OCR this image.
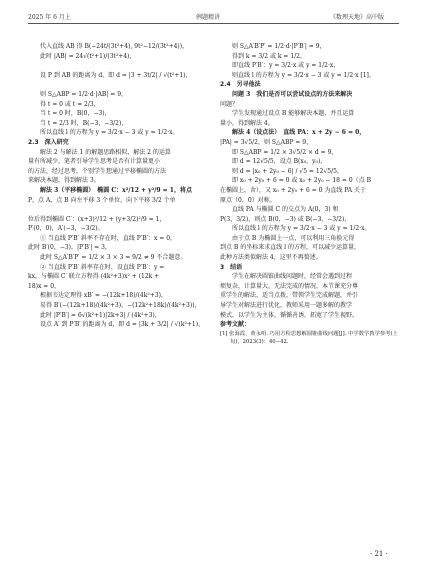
2025 年 6 月上	例题精讲	《数理天地》高中版

代入直线 AB 得 B(−24t/(3t²+4), 9t²−12/(3t²+4))，

此时 |AB| = 24√(t²+1)/(3t²+4)，

设 P 到 AB 的距离为 d，即 d = |3 + 3t/2| / √(t²+1)，

则 S△ABP = 1/2·d·|AB| = 9，

得 t = 0 或 t = 2/3，

当 t = 0 时，B(0，−3)，

当 t = 2/3 时，B(−3，−3/2)，

所以直线 l 的方程为 y = 3/2·x − 3 或 y = 1/2·x。

2.3　深入研究

解法 2 与解法 1 的解题思路相似，解法 2 的运算

量有所减少，笔者引导学生思考是否有计算量更小

的方法，经过思考，个别学生想通过平移椭圆的方法

来解决本题，得到解法 3。

解法 3（平移椭圆）　椭圆 C：x²/12 + y²/9 = 1，将点

P，点 A，点 B 向左平移 3 个单位，向下平移 3/2 个单

位后得到椭圆 C′：(x+3)²/12 + (y+3/2)²/9 = 1，

P′(0，0)，A′(−3，−3/2)。

① 当直线 P′B′ 斜率不存在时，直线 P′B′：x = 0，

此时 B′(0，−3)，|P′B′| = 3，

此时 S△A′B′P′ = 1/2 × 3 × 3 = 9/2 ≠ 9 不合题意。

② 当直线 P′B′ 斜率存在时，设直线 P′B′：y =

kx，与椭圆 C′ 联立方程得 (4k²+3)x² + (12k +

18)x = 0，

根据韦达定理得 xB′ = −(12k+18)/(4k²+3)，

易得 B′(−(12k+18)/(4k²+3)，−(12k²+18k)/(4k²+3))，

此时 |P′B′| = 6√(k²+1)|2k+3| / (4k²+3)，

设点 A′ 到 P′B′ 的距离为 d，即 d = |3k + 3/2| / √(k²+1)，

则 S△A′B′P′ = 1/2·d·|P′B′| = 9，

得到 k = 3/2 或 k = 1/2，

即直线 P′B′：y = 3/2·x 或 y = 1/2·x，

则直线 l 的方程为 y = 3/2·x − 3 或 y = 1/2·x [1]。

2.4　另寻他法

问题 3　我们是否可以尝试设点的方法来解决

问题？

学生发现通过设点 B 能够解决本题，并且运算

量小，得到解法 4。

解法 4（设点法）　直线 PA：x + 2y − 6 = 0，

|PA| = 3√5/2，则 S△ABP = 9，

即 S△ABP = 1/2 × 3√5/2 × d = 9，

即 d = 12√5/5，设点 B(x₀，y₀)，

则 d = |x₀ + 2y₀ − 6| / √5 = 12√5/5，

即 x₀ + 2y₀ + 6 = 0 或 x₀ + 2y₀ − 18 = 0（点 B

在椭圆上，舍），又 x₀ + 2y₀ + 6 = 0 为直线 PA 关于

原点（0，0）对称。

直线 PA 与椭圆 C 的交点为 A(0，3) 和

P(3，3/2)，则点 B(0，−3) 或 B(−3，−3/2)，

所以直线 l 的方程为 y = 3/2·x − 3 或 y = 1/2·x。

由于点 B 为椭圆上一点，可以利用三角换元得

到点 B 的坐标来求直线 l 的方程，可以减少运算量，

此种方法类似解法 4，这里不再赘述。

3　结语

学生在解决圆锥曲线问题时，经常会遇到过程

烦复杂，计算量大，无法完成的情况。本节课充分尊

重学生的解法，适当点拨，带领学生完成解题，并引

导学生对解法进行优化，教师采用一题多解的教学

模式，以学生为主体，循循善诱，拓宽了学生视野。

参考文献：

[1] 张海霞，黄永明. 巧用方程思想解圆锥曲线问题[J]. 中学数学教学参考(上旬)，2023(3)：40−42.

· 21 ·
